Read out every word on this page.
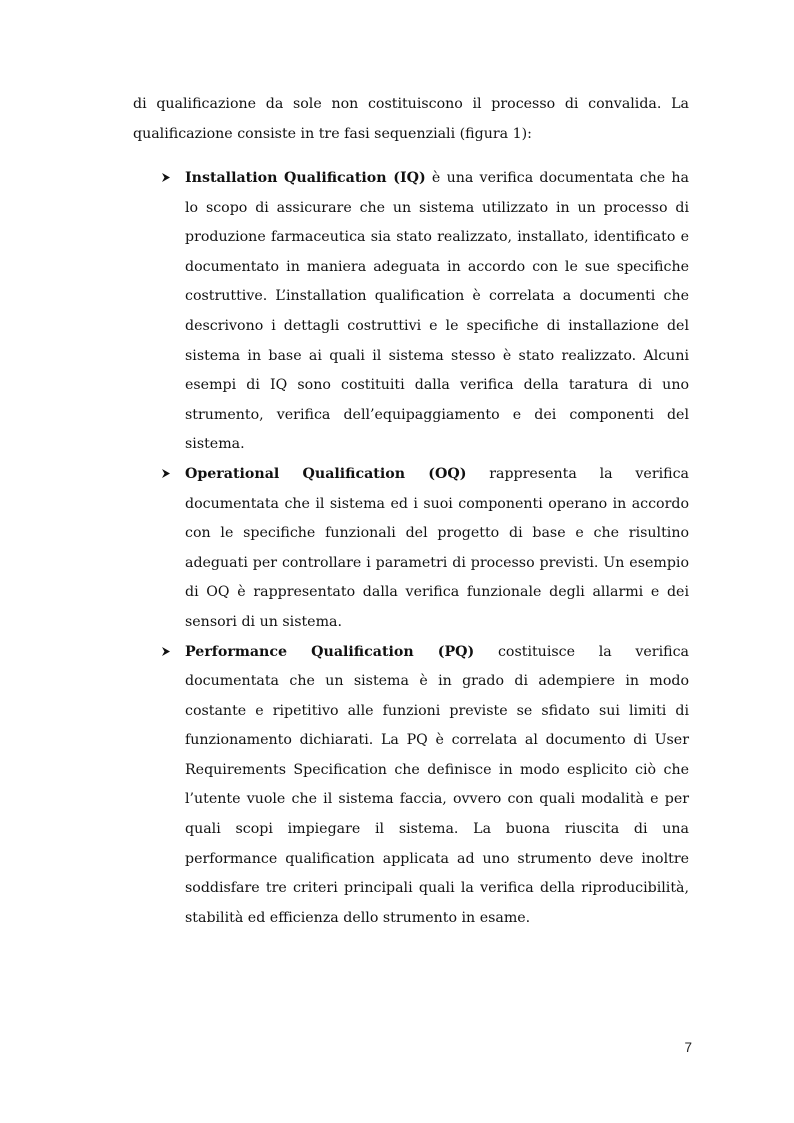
di qualificazione da sole non costituiscono il processo di convalida. La qualificazione consiste in tre fasi sequenziali (figura 1):

Installation Qualification (IQ) è una verifica documentata che ha lo scopo di assicurare che un sistema utilizzato in un processo di produzione farmaceutica sia stato realizzato, installato, identificato e documentato in maniera adeguata in accordo con le sue specifiche costruttive. L’installation qualification è correlata a documenti che descrivono i dettagli costruttivi e le specifiche di installazione del sistema in base ai quali il sistema stesso è stato realizzato. Alcuni esempi di IQ sono costituiti dalla verifica della taratura di uno strumento, verifica dell’equipaggiamento e dei componenti del sistema.

Operational Qualification (OQ) rappresenta la verifica documentata che il sistema ed i suoi componenti operano in accordo con le specifiche funzionali del progetto di base e che risultino adeguati per controllare i parametri di processo previsti. Un esempio di OQ è rappresentato dalla verifica funzionale degli allarmi e dei sensori di un sistema.

Performance Qualification (PQ) costituisce la verifica documentata che un sistema è in grado di adempiere in modo costante e ripetitivo alle funzioni previste se sfidato sui limiti di funzionamento dichiarati. La PQ è correlata al documento di User Requirements Specification che definisce in modo esplicito ciò che l’utente vuole che il sistema faccia, ovvero con quali modalità e per quali scopi impiegare il sistema. La buona riuscita di una performance qualification applicata ad uno strumento deve inoltre soddisfare tre criteri principali quali la verifica della riproducibilità, stabilità ed efficienza dello strumento in esame.

7
